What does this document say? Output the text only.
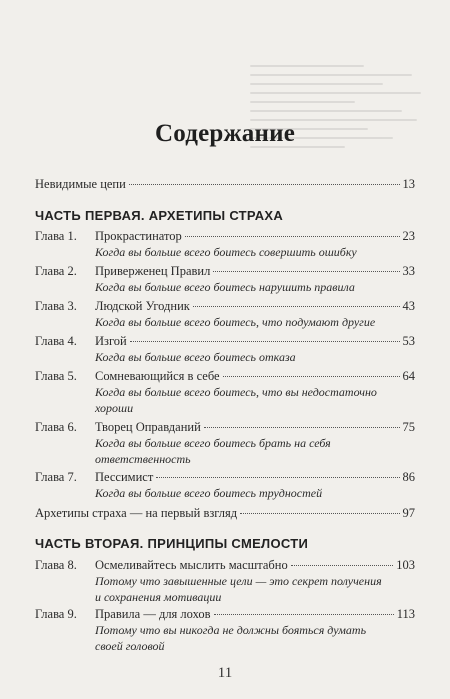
Содержание
Невидимые цепи	13
ЧАСТЬ ПЕРВАЯ. АРХЕТИПЫ СТРАХА
Глава 1.	Прокрастинатор	23
Когда вы больше всего боитесь совершить ошибку
Глава 2.	Приверженец Правил	33
Когда вы больше всего боитесь нарушить правила
Глава 3.	Людской Угодник	43
Когда вы больше всего боитесь, что подумают другие
Глава 4.	Изгой	53
Когда вы больше всего боитесь отказа
Глава 5.	Сомневающийся в себе	64
Когда вы больше всего боитесь, что вы недостаточно
хороши
Глава 6.	Творец Оправданий	75
Когда вы больше всего боитесь брать на себя
ответственность
Глава 7.	Пессимист	86
Когда вы больше всего боитесь трудностей
Архетипы страха — на первый взгляд	97
ЧАСТЬ ВТОРАЯ. ПРИНЦИПЫ СМЕЛОСТИ
Глава 8.	Осмеливайтесь мыслить масштабно	103
Потому что завышенные цели — это секрет получения
и сохранения мотивации
Глава 9.	Правила — для лохов	113
Потому что вы никогда не должны бояться думать
своей головой
11
